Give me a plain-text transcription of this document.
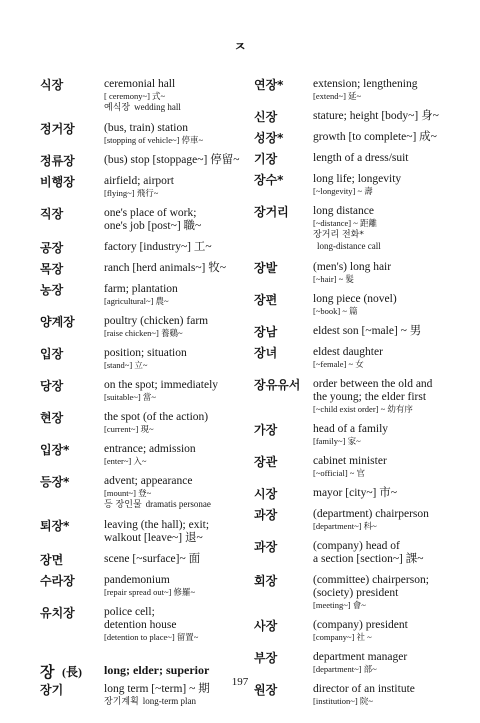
ㅈ
식장	ceremonial hall
[ ceremony~] 式~
예식장 wedding hall
정거장	(bus, train) station
[stopping of vehicle~] 停車~
정류장	(bus) stop [stoppage~] 停留~
비행장	airfield; airport
[flying~] 飛行~
직장	one's place of work;
one's job [post~] 職~
공장	factory [industry~] 工~
목장	ranch [herd animals~] 牧~
농장	farm; plantation
[agricultural~] 農~
양계장	poultry (chicken) farm
[raise chicken~] 養鷄~
입장	position; situation
[stand~] 立~
당장	on the spot; immediately
[suitable~] 當~
현장	the spot (of the action)
[current~] 現~
입장*	entrance; admission
[enter~] 入~
등장*	advent; appearance
[mount~] 登~
등 장인물 dramatis personae
퇴장*	leaving (the hall); exit;
walkout [leave~] 退~
장면	scene [~surface]~ 面
수라장	pandemonium
[repair spread out~] 修羅~
유치장	police cell;
detention house
[detention to place~] 留置~
장 (長) long; elder; superior
장기	long term [~term] ~ 期
장기계획 long-term plan
연장*	extension; lengthening
[extend~] 延~
신장	stature; height [body~] 身~
성장*	growth [to complete~] 成~
기장	length of a dress/suit
장수*	long life; longevity
[~longevity] ~ 壽
장거리 long distance
[~distance] ~ 距離
장거리 전화*
long-distance call
장발	(men's) long hair
[~hair] ~ 髮
장편	long piece (novel)
[~book] ~ 篇
장남	eldest son [~male] ~ 男
장녀	eldest daughter
[~female] ~ 女
장유유서 order between the old and
the young; the elder first
[~child exist order] ~ 幼有序
가장	head of a family
[family~] 家~
장관	cabinet minister
[~official] ~ 官
시장	mayor [city~] 市~
과장	(department) chairperson
[department~] 科~
과장	(company) head of
a section [section~] 課~
회장	(committee) chairperson;
(society) president
[meeting~] 會~
사장	(company) president
[company~] 社 ~
부장	department manager
[department~] 部~
원장	director of an institute
[institution~] 院~
197
